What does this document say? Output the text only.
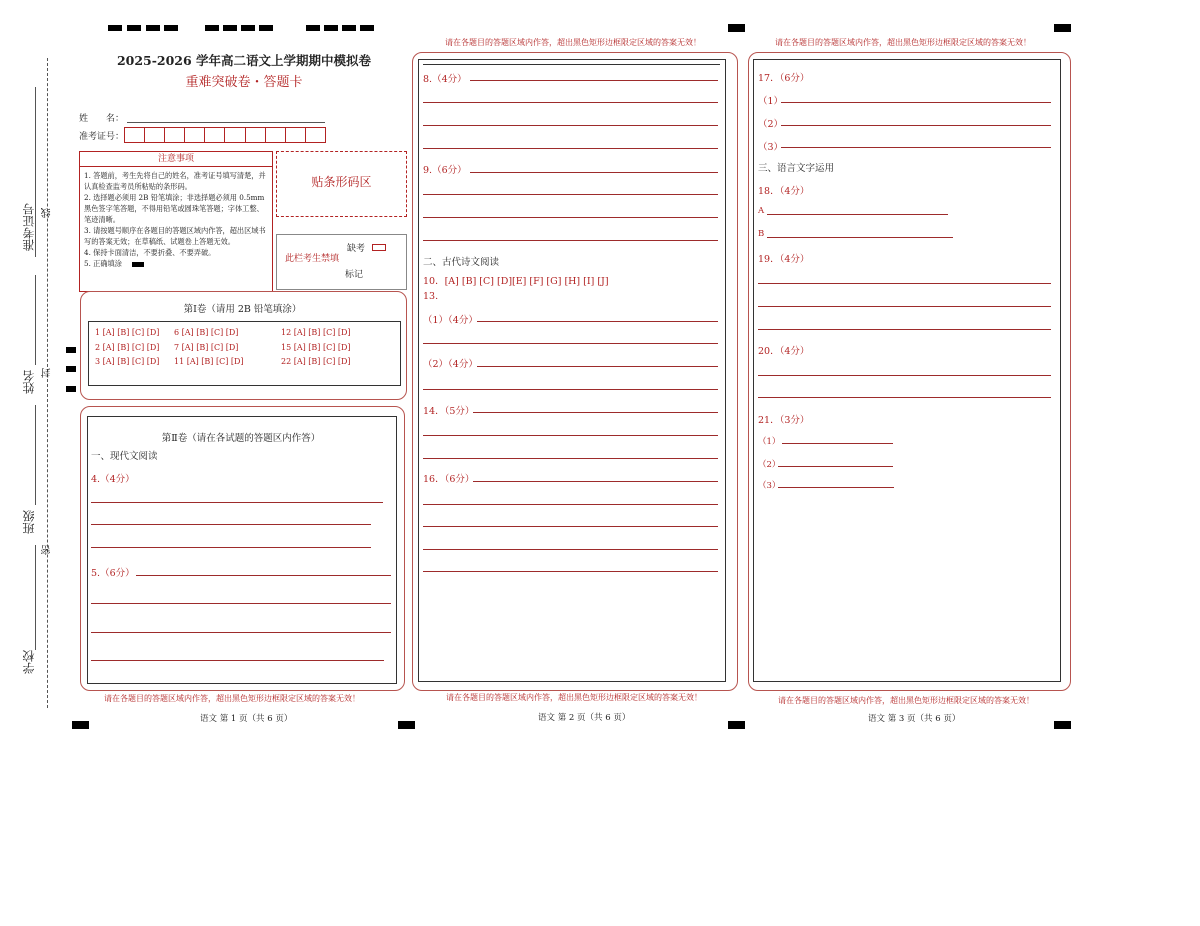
准考证号
姓名
班级
学校
线
封
密
2025-2026 学年高二语文上学期期中模拟卷
重难突破卷・答题卡
姓　　名：
准考证号：
注意事项
1. 答题前，考生先将自己的姓名，准考证号填写清楚，并认真检查监考员所粘贴的条形码。
2. 选择题必须用 2B 铅笔填涂；非选择题必须用 0.5mm 黑色签字笔答题，不得用铅笔或圆珠笔答题；字体工整、笔迹清晰。
3. 请按题号顺序在各题目的答题区域内作答，超出区域书写的答案无效；在草稿纸、试题卷上答题无效。
4. 保持卡面清洁，不要折叠、不要弄破。
5. 正确填涂
贴条形码区
缺考
此栏考生禁填
标记
第Ⅰ卷（请用 2B 铅笔填涂）
1 [A] [B] [C] [D] 6 [A] [B] [C] [D]	12 [A] [B] [C] [D]
2 [A] [B] [C] [D] 7 [A] [B] [C] [D]	15 [A] [B] [C] [D]
3 [A] [B] [C] [D] 11 [A] [B] [C] [D]	22 [A] [B] [C] [D]
第Ⅱ卷（请在各试题的答题区内作答）
一、现代文阅读
4.（4分）
5.（6分）
请在各题目的答题区域内作答，超出黑色矩形边框限定区域的答案无效！
语文 第 1 页（共 6 页）
请在各题目的答题区域内作答，超出黑色矩形边框限定区域的答案无效！
8.（4分）
9.（6分）
二、古代诗文阅读
10．[A] [B] [C] [D][E] [F] [G] [H] [I] [J]
13.
（1）（4分）
（2）（4分）
14．（5分）
16．（6分）
请在各题目的答题区域内作答，超出黑色矩形边框限定区域的答案无效！
语文 第 2 页（共 6 页）
请在各题目的答题区域内作答，超出黑色矩形边框限定区域的答案无效！
17．（6分）
（1）
（2）
（3）
三、语言文字运用
18．（4分）
A
B
19．（4分）
20．（4分）
21．（3分）
（1）
（2）
（3）
请在各题目的答题区域内作答，超出黑色矩形边框限定区域的答案无效！
语文 第 3 页（共 6 页）
